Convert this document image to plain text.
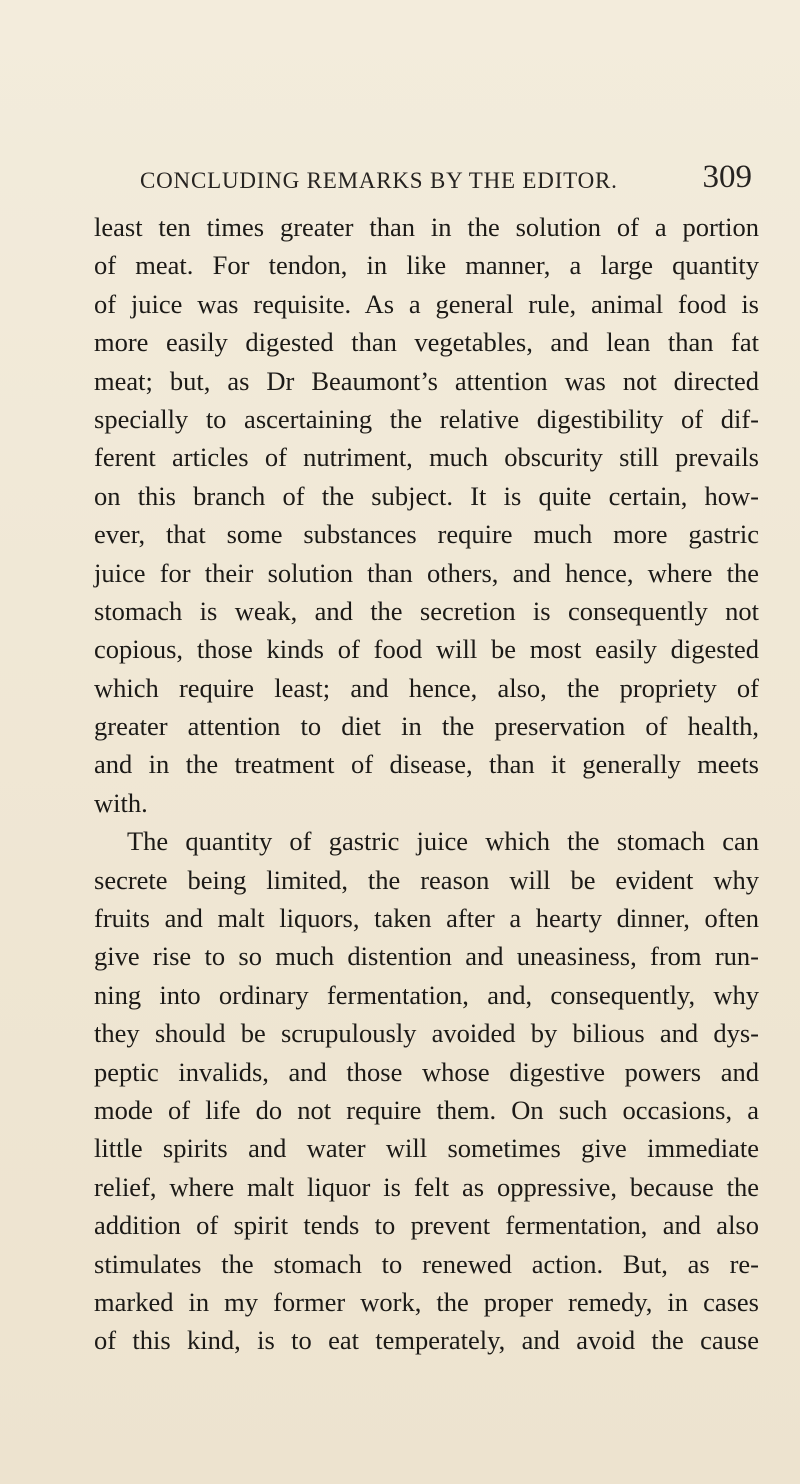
CONCLUDING REMARKS BY THE EDITOR.	309
least ten times greater than in the solution of a portion
of meat. For tendon, in like manner, a large quantity
of juice was requisite. As a general rule, animal food is
more easily digested than vegetables, and lean than fat
meat; but, as Dr Beaumont’s attention was not directed
specially to ascertaining the relative digestibility of dif-
ferent articles of nutriment, much obscurity still prevails
on this branch of the subject. It is quite certain, how-
ever, that some substances require much more gastric
juice for their solution than others, and hence, where the
stomach is weak, and the secretion is consequently not
copious, those kinds of food will be most easily digested
which require least; and hence, also, the propriety of
greater attention to diet in the preservation of health,
and in the treatment of disease, than it generally meets
with.
The quantity of gastric juice which the stomach can
secrete being limited, the reason will be evident why
fruits and malt liquors, taken after a hearty dinner, often
give rise to so much distention and uneasiness, from run-
ning into ordinary fermentation, and, consequently, why
they should be scrupulously avoided by bilious and dys-
peptic invalids, and those whose digestive powers and
mode of life do not require them. On such occasions, a
little spirits and water will sometimes give immediate
relief, where malt liquor is felt as oppressive, because the
addition of spirit tends to prevent fermentation, and also
stimulates the stomach to renewed action. But, as re-
marked in my former work, the proper remedy, in cases
of this kind, is to eat temperately, and avoid the cause
